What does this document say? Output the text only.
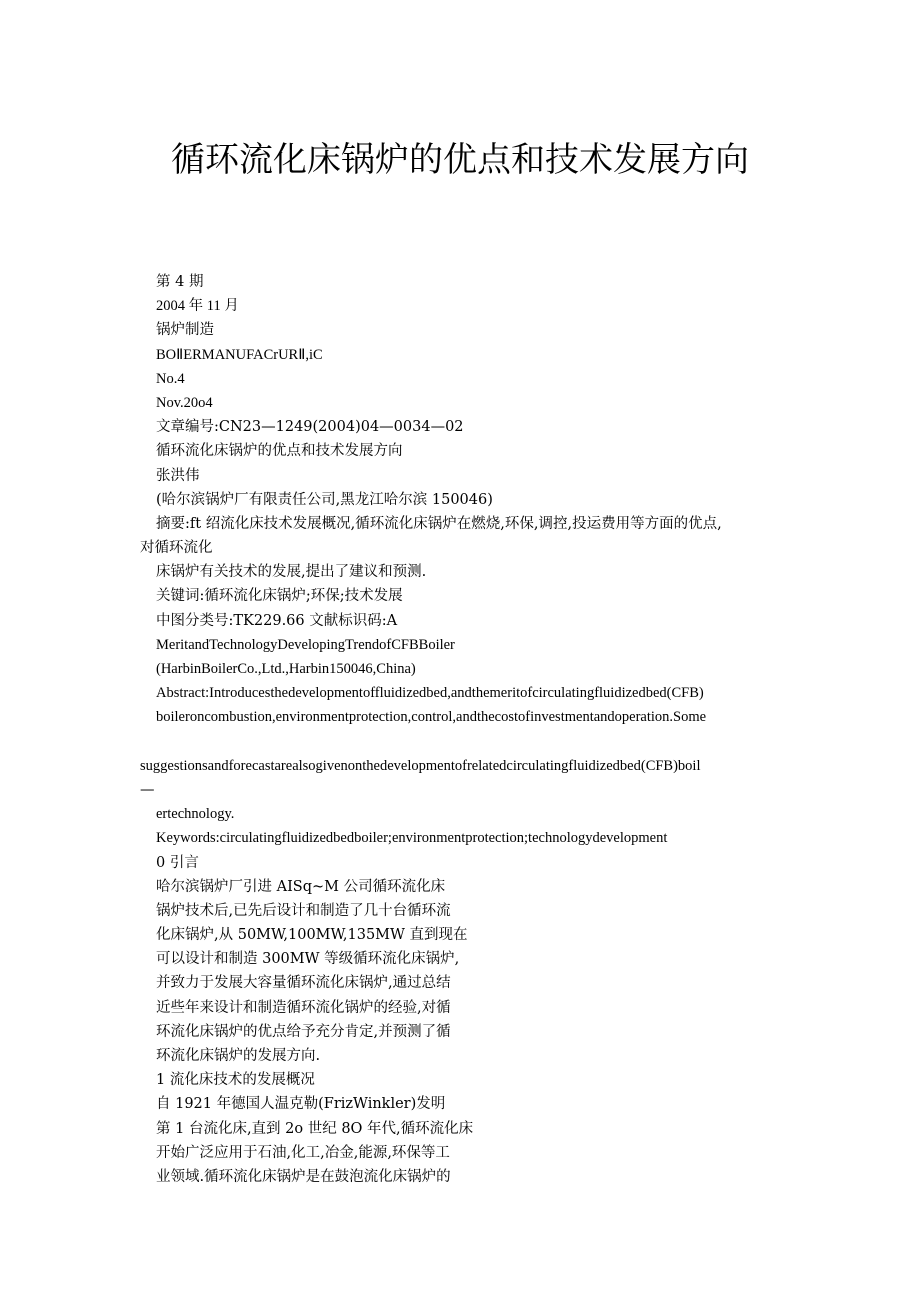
循环流化床锅炉的优点和技术发展方向
第 4 期
2004 年 11 月
锅炉制造
BOⅡERMANUFACrURⅡ,iC
No.4
Nov.20o4
文章编号:CN23—1249(2004)04—0034—02
循环流化床锅炉的优点和技术发展方向
张洪伟
(哈尔滨锅炉厂有限责任公司,黑龙江哈尔滨 150046)
摘要:ft 绍流化床技术发展概况,循环流化床锅炉在燃烧,环保,调控,投运费用等方面的优点,
对循环流化
床锅炉有关技术的发展,提出了建议和预测.
关键词:循环流化床锅炉;环保;技术发展
中图分类号:TK229.66 文献标识码:A
MeritandTechnologyDevelopingTrendofCFBBoiler
(HarbinBoilerCo.,Ltd.,Harbin150046,China)
Abstract:Introducesthedevelopmentoffluidizedbed,andthemeritofcirculatingfluidizedbed(CFB)
boileroncombustion,environmentprotection,control,andthecostofinvestmentandoperation.Some
suggestionsandforecastarealsogivenonthedevelopmentofrelatedcirculatingfluidizedbed(CFB)boil
—
ertechnology.
Keywords:circulatingfluidizedbedboiler;environmentprotection;technologydevelopment
0 引言
哈尔滨锅炉厂引进 AISq~M 公司循环流化床
锅炉技术后,已先后设计和制造了几十台循环流
化床锅炉,从 50MW,100MW,135MW 直到现在
可以设计和制造 300MW 等级循环流化床锅炉,
并致力于发展大容量循环流化床锅炉,通过总结
近些年来设计和制造循环流化锅炉的经验,对循
环流化床锅炉的优点给予充分肯定,并预测了循
环流化床锅炉的发展方向.
1 流化床技术的发展概况
自 1921 年德国人温克勒(FrizWinkler)发明
第 1 台流化床,直到 2o 世纪 8O 年代,循环流化床
开始广泛应用于石油,化工,冶金,能源,环保等工
业领域.循环流化床锅炉是在鼓泡流化床锅炉的
